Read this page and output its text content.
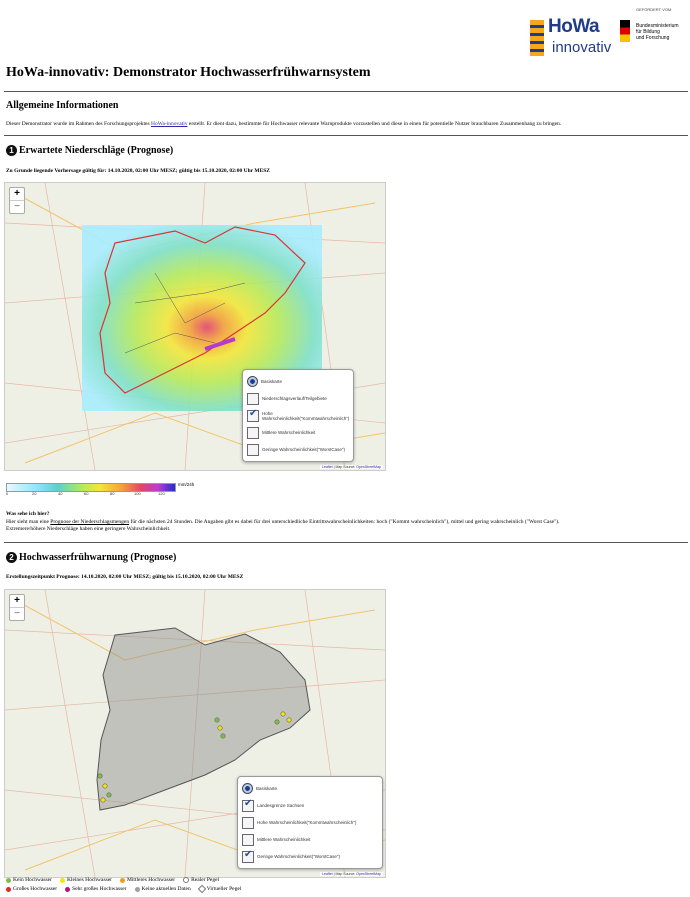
HoWa
innovativ
GEFÖRDERT VOM
Bundesministerium
für Bildung
und Forschung
HoWa-innovativ: Demonstrator Hochwasserfrühwarnsystem
Allgemeine Informationen
Dieser Demonstrator wurde im Rahmen des Forschungsprojektes HoWa-innovativ erstellt. Er dient dazu, bestimmte für Hochwasser relevante Warnprodukte vorzustellen und diese in einen für potentielle Nutzer brauchbaren Zusammenhang zu bringen.
1 Erwartete Niederschläge (Prognose)
Zu Grunde liegende Vorhersage gültig für: 14.10.2020, 02:00 Uhr MESZ; gültig bis 15.10.2020, 02:00 Uhr MESZ
+
−
Basiskarte
Niederschlagsverlauf/Teilgebiete
✔
Hohe Wahrscheinlichkeit("Kommtwahrscheinlich")
Mittlere Wahrscheinlichkeit
Geringe Wahrscheinlichkeit("WorstCase")
Leaflet | Map Source: OpenStreetMap
0	20	40	60	80	100	120
mm/24h
Was sehe ich hier?
Hier sieht man eine Prognose der Niederschlagsmengen für die nächsten 24 Stunden. Die Angaben gibt es dabei für drei unterschiedliche Eintrittswahrscheinlichkeiten: hoch ("Kommt wahrscheinlich"), mittel und gering wahrscheinlich ("Worst Case").
Extremere/höhere Niederschläge haben eine geringere Wahrscheinlichkeit.
2 Hochwasserfrühwarnung (Prognose)
Erstellungszeitpunkt Prognose: 14.10.2020, 02:00 Uhr MESZ; gültig bis 15.10.2020, 02:00 Uhr MESZ
+
−
Basiskarte
✔
Landesgrenze Sachsen
Hohe Wahrscheinlichkeit("Kommtwahrscheinlich")
Mittlere Wahrscheinlichkeit
✔
Geringe Wahrscheinlichkeit("WorstCase")
Leaflet | Map Source: OpenStreetMap
Kein Hochwasser	Kleines Hochwasser	Mittleres Hochwasser	Realer Pegel
Großes Hochwasser	Sehr großes Hochwasser	Keine aktuellen Daten	Virtueller Pegel
